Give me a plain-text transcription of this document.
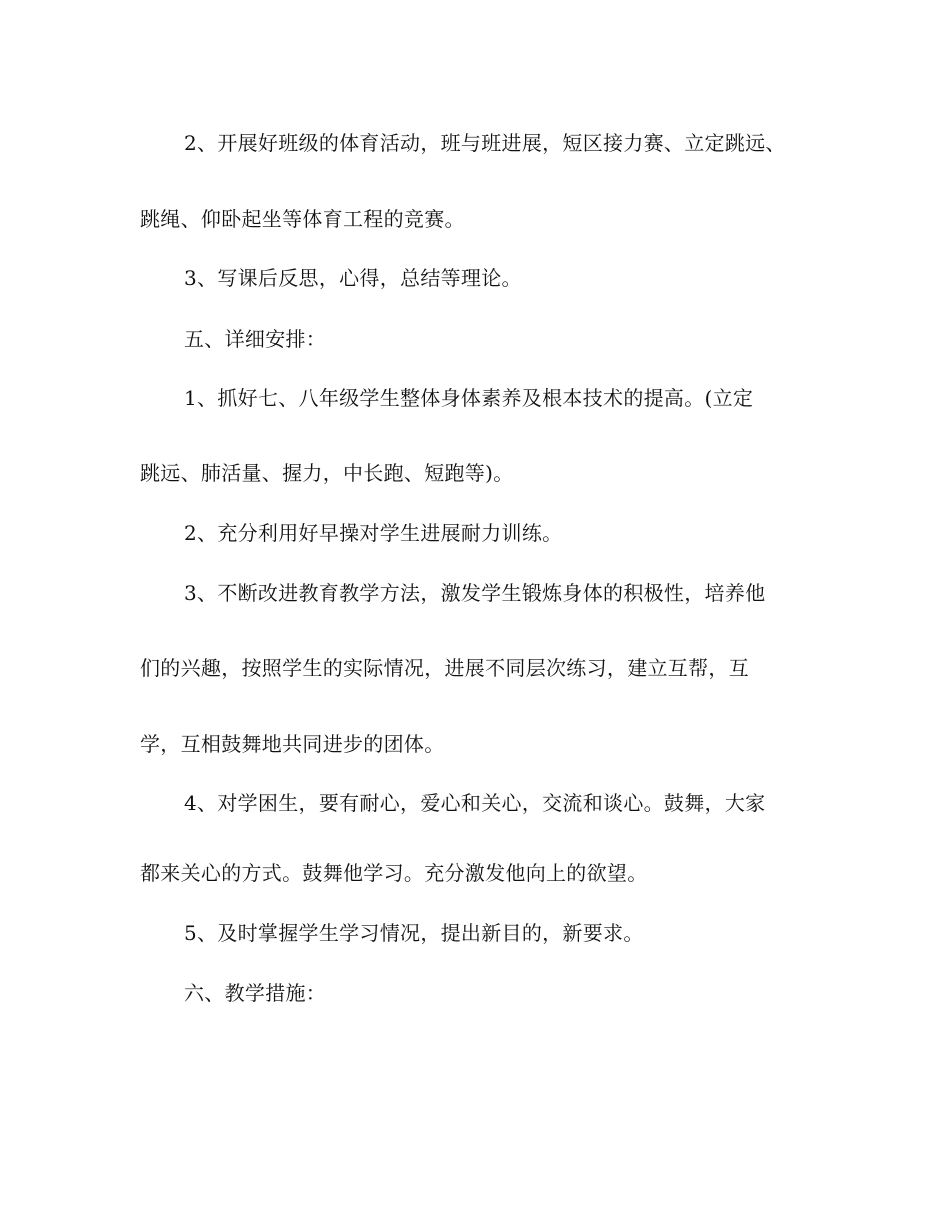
2、开展好班级的体育活动，班与班进展，短区接力赛、立定跳远、
跳绳、仰卧起坐等体育工程的竞赛。
3、写课后反思，心得，总结等理论。
五、详细安排：
1、抓好七、八年级学生整体身体素养及根本技术的提高。(立定
跳远、肺活量、握力，中长跑、短跑等)。
2、充分利用好早操对学生进展耐力训练。
3、不断改进教育教学方法，激发学生锻炼身体的积极性，培养他
们的兴趣，按照学生的实际情况，进展不同层次练习，建立互帮，互
学，互相鼓舞地共同进步的团体。
4、对学困生，要有耐心，爱心和关心，交流和谈心。鼓舞，大家
都来关心的方式。鼓舞他学习。充分激发他向上的欲望。
5、及时掌握学生学习情况，提出新目的，新要求。
六、教学措施：
